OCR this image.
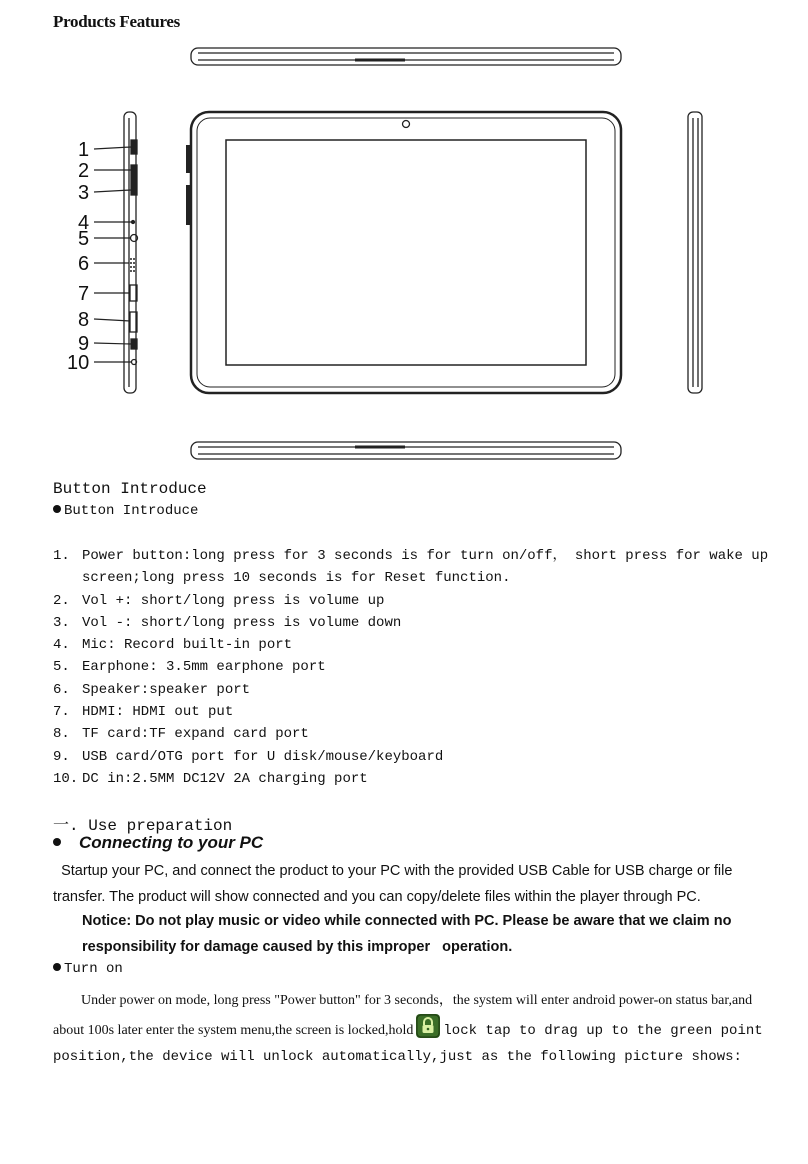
Products Features
1
2
3
4
5
6
7
8
9
10
Button Introduce
Button Introduce
1. Power button:long press for 3 seconds is for turn on/off， short press for wake up screen;long press 10 seconds is for Reset function.
2. Vol +: short/long press is volume up
3. Vol -: short/long press is volume down
4. Mic: Record built-in port
5. Earphone: 3.5mm earphone port
6. Speaker:speaker port
7. HDMI: HDMI out put
8. TF card:TF expand card port
9. USB card/OTG port for U disk/mouse/keyboard
10. DC in:2.5MM DC12V 2A charging port
一. Use preparation
Connecting to your PC
Startup your PC, and connect the product to your PC with the provided USB Cable for USB charge or file transfer. The product will show connected and you can copy/delete files within the player through PC.
Notice: Do not play music or video while connected with PC. Please be aware that we claim no responsibility for damage caused by this improper   operation.
Turn on
Under power on mode, long press "Power button" for 3 seconds，the system will enter android power-on status bar,and about 100s later enter the system menu,the screen is locked,hold lock tap to drag up to the green point position,the device will unlock automatically,just as the following picture shows:
